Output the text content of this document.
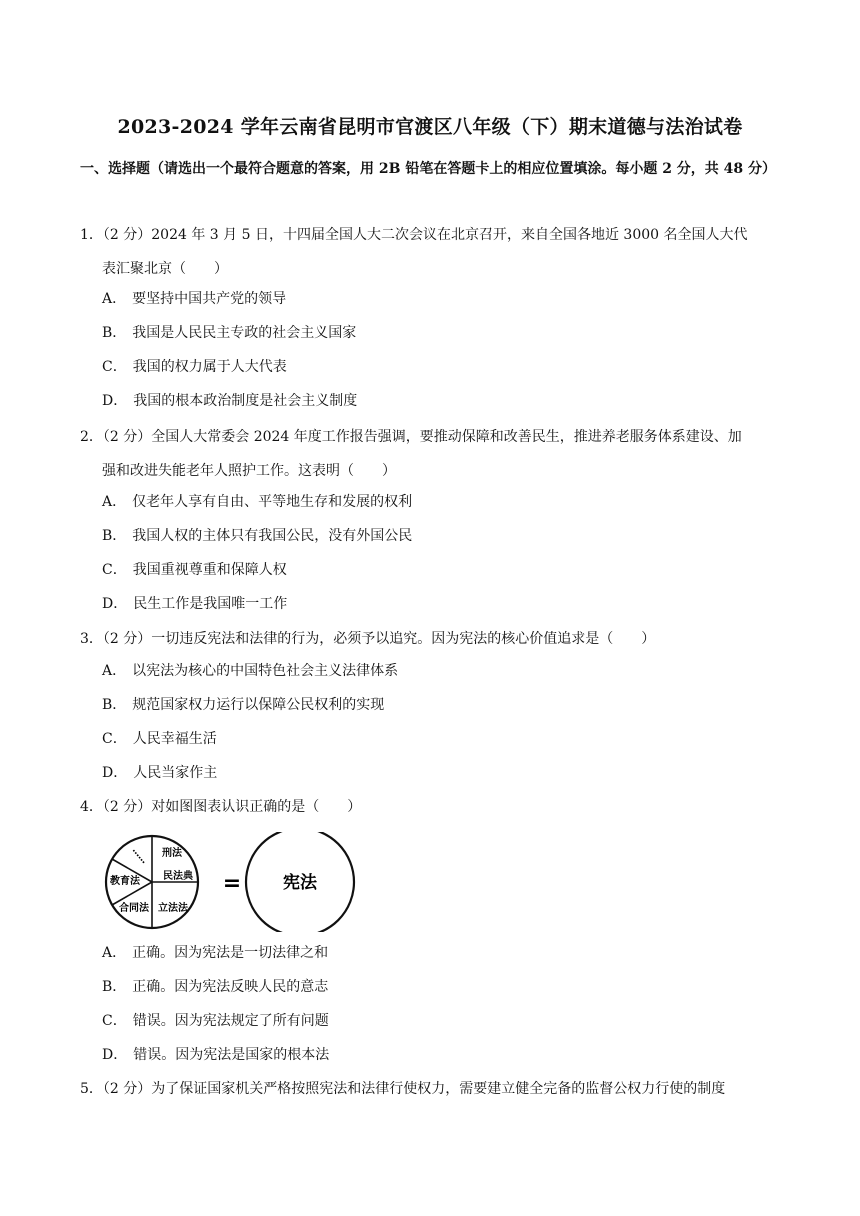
2023-2024 学年云南省昆明市官渡区八年级（下）期末道德与法治试卷
一、选择题（请选出一个最符合题意的答案，用 2B 铅笔在答题卡上的相应位置填涂。每小题 2 分，共 48 分）
1．（2 分）2024 年 3 月 5 日，十四届全国人大二次会议在北京召开，来自全国各地近 3000 名全国人大代
表汇聚北京（　　）
A． 要坚持中国共产党的领导
B． 我国是人民民主专政的社会主义国家
C． 我国的权力属于人大代表
D． 我国的根本政治制度是社会主义制度
2．（2 分）全国人大常委会 2024 年度工作报告强调，要推动保障和改善民生，推进养老服务体系建设、加
强和改进失能老年人照护工作。这表明（　　）
A． 仅老年人享有自由、平等地生存和发展的权利
B． 我国人权的主体只有我国公民，没有外国公民
C． 我国重视尊重和保障人权
D． 民生工作是我国唯一工作
3．（2 分）一切违反宪法和法律的行为，必须予以追究。因为宪法的核心价值追求是（　　）
A． 以宪法为核心的中国特色社会主义法律体系
B． 规范国家权力运行以保障公民权利的实现
C． 人民幸福生活
D． 人民当家作主
4．（2 分）对如图图表认识正确的是（　　）
刑法
民法典
立法法
合同法
教育法
……
= 宪法
A． 正确。因为宪法是一切法律之和
B． 正确。因为宪法反映人民的意志
C． 错误。因为宪法规定了所有问题
D． 错误。因为宪法是国家的根本法
5．（2 分）为了保证国家机关严格按照宪法和法律行使权力，需要建立健全完备的监督公权力行使的制度
